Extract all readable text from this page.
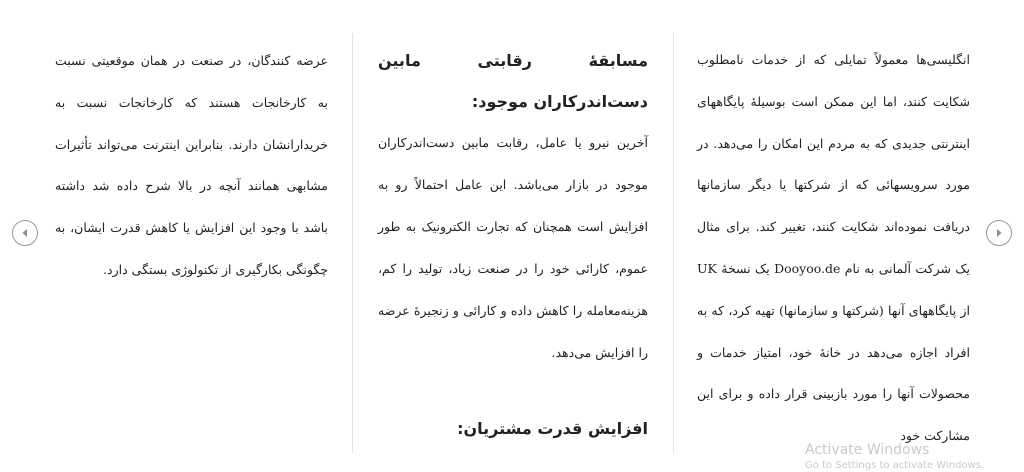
عرضه کنندگان، در صنعت در همان موقعیتی نسبت به کارخانجات هستند که کارخانجات نسبت به خریدارانشان دارند. بنابراین اینترنت می‌تواند تأثیرات مشابهی همانند آنچه در بالا شرح داده شد داشته باشد با وجود این افزایش یا کاهش قدرت ایشان، به چگونگی بکارگیری از تکنولوژی بستگی دارد.

مسابقهٔ رقابتی مابین دست‌اندرکاران موجود:

آخرین نیرو یا عامل، رقابت مابین دست‌اندرکاران موجود در بازار می‌باشد. این عامل احتمالاً رو به افزایش است همچنان که تجارت الکترونیک به طور عموم، کارائی خود را در صنعت زیاد، تولید را کم، هزینه‌معامله را کاهش داده و کارائی و زنجیرهٔ عرضه را افزایش می‌دهد.

افزایش قدرت مشتریان:

انگلیسی‌ها معمولاً تمایلی که از خدمات نامطلوب شکایت کنند، اما این ممکن است بوسیلهٔ پایگاههای اینترنتی جدیدی که به مردم این امکان را می‌دهد. در مورد سرویسهائی که از شرکتها یا دیگر سازمانها دریافت نموده‌اند شکایت کنند، تغییر کند. برای مثال یک شرکت آلمانی به نام Dooyoo.de یک نسخهٔ UK از پایگاههای آنها (شرکتها و سازمانها) تهیه کرد، که به افراد اجازه می‌دهد در خانهٔ خود، امتیاز خدمات و محصولات آنها را مورد بازبینی قرار داده و برای این مشارکت خود

Activate Windows
Go to Settings to activate Windows.
